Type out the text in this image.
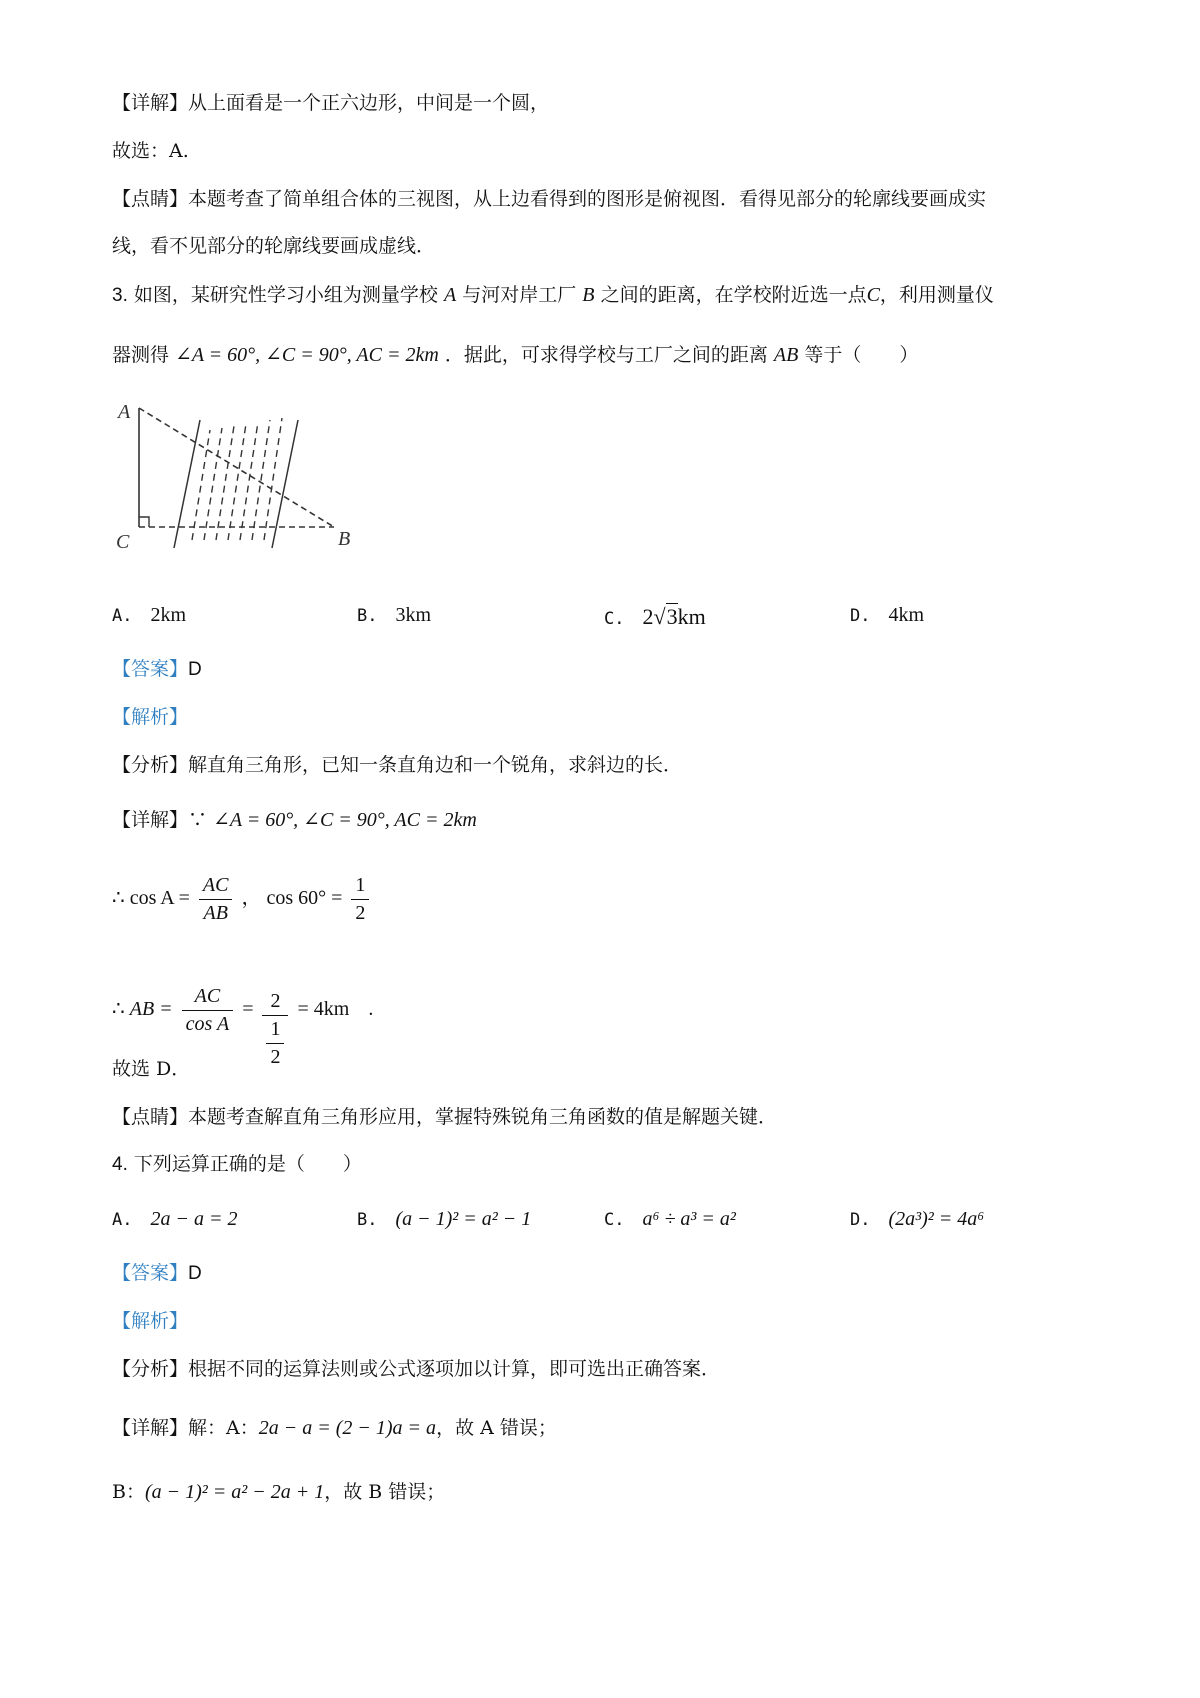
【详解】从上面看是一个正六边形，中间是一个圆，
故选：A.
【点睛】本题考查了简单组合体的三视图，从上边看得到的图形是俯视图．看得见部分的轮廓线要画成实
线，看不见部分的轮廓线要画成虚线．
3. 如图，某研究性学习小组为测量学校 A 与河对岸工厂 B 之间的距离，在学校附近选一点C，利用测量仪
器测得 ∠A = 60°, ∠C = 90°, AC = 2km ．据此，可求得学校与工厂之间的距离 AB 等于（　　）
A
C	B
A. 2km	B. 3km	C. 2√3km	D. 4km
【答案】D
【解析】
【分析】解直角三角形，已知一条直角边和一个锐角，求斜边的长．
【详解】∵ ∠A = 60°, ∠C = 90°, AC = 2km
∴ $\cos A = \frac{AC}{AB}$ ， $\cos 60^\circ = \frac{1}{2}$
∴ AB = $\frac{AC}{\text{cos A}} = 2$
1
2 = 4km .
故选 D．
【点睛】本题考查解直角三角形应用，掌握特殊锐角三角函数的值是解题关键．
4. 下列运算正确的是（　　）
A. 2a − a = 2	B. (a − 1)² = a² − 1	C. a⁶ ÷ a³ = a²	D. (2a³)² = 4a⁶
【答案】D
【解析】
【分析】根据不同的运算法则或公式逐项加以计算，即可选出正确答案．
【详解】解：A：2a − a = (2 − 1)a = a，故 A 错误；
B：(a − 1)² = a² − 2a + 1，故 B 错误；
